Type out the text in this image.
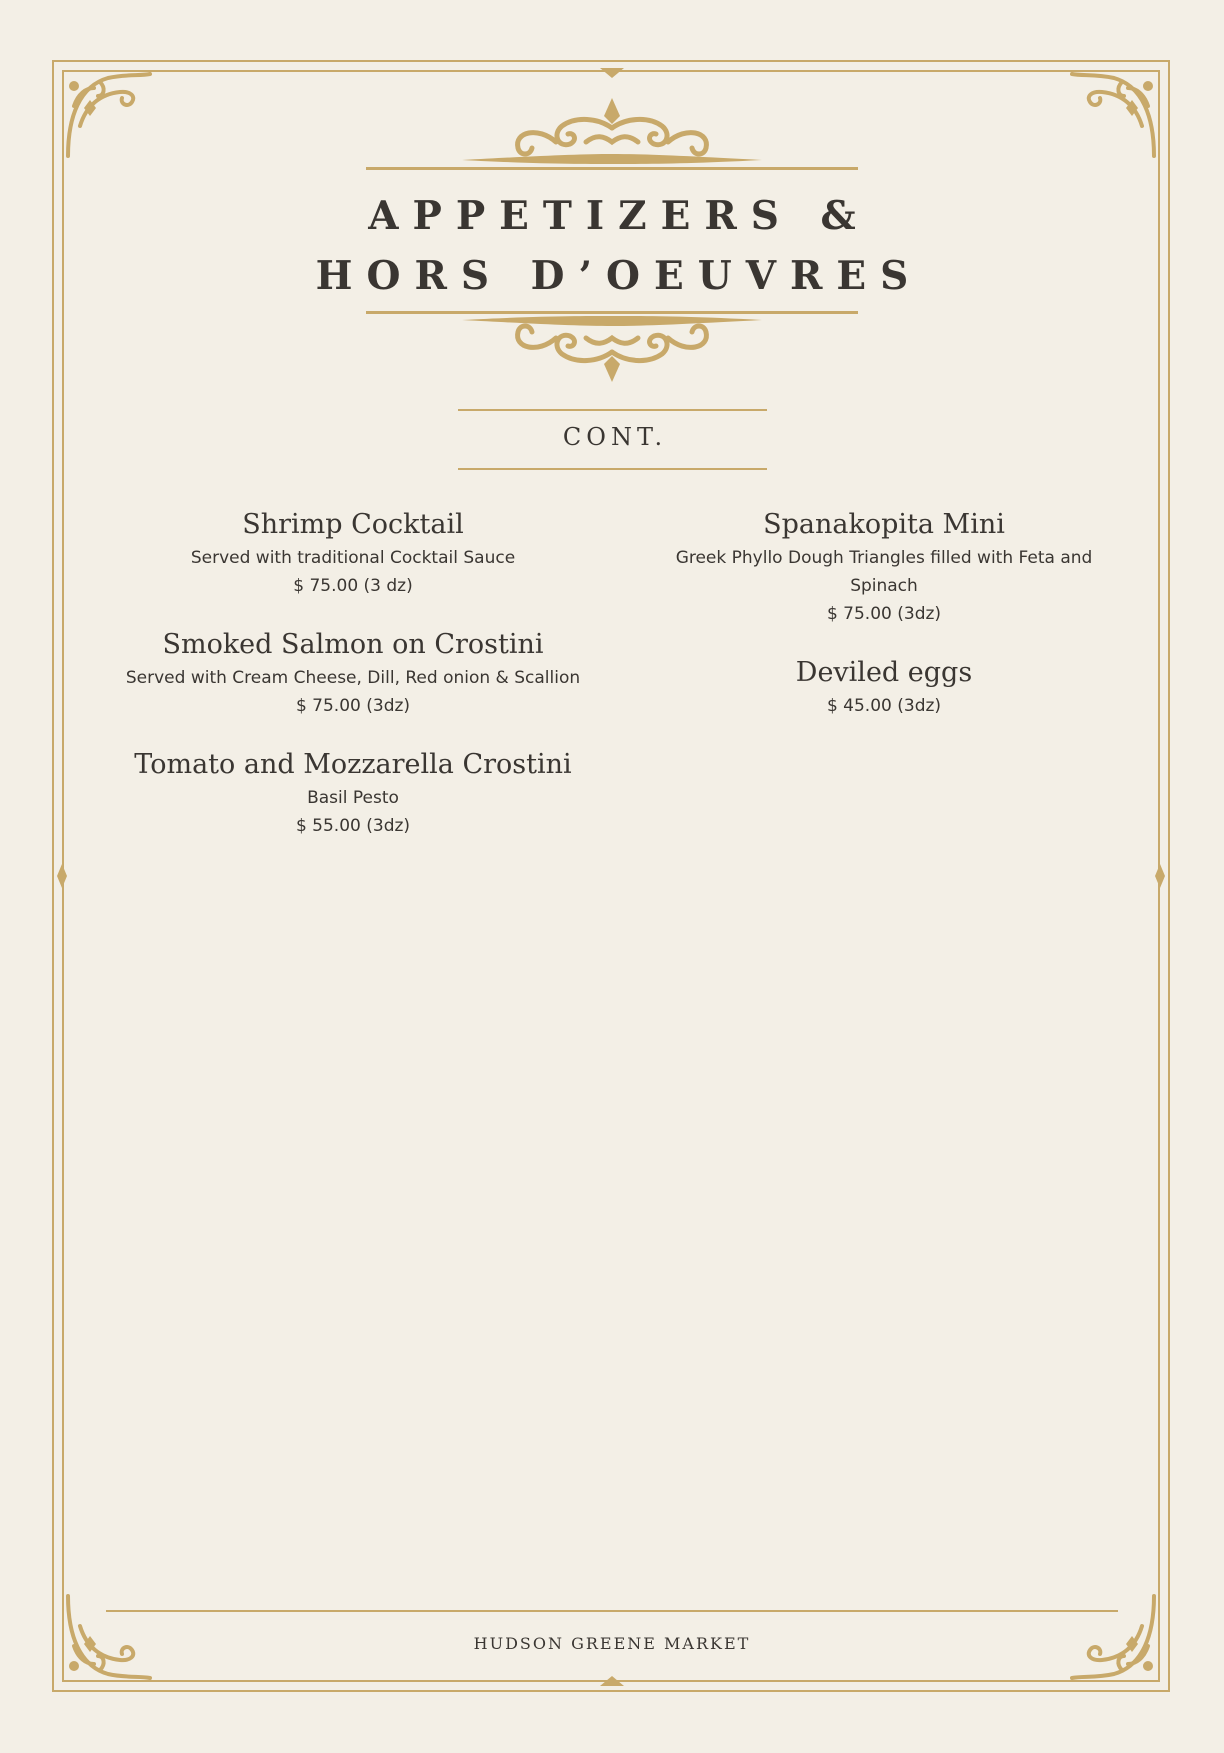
APPETIZERS &
HORS D’OEUVRES
CONT.
Shrimp Cocktail
Served with traditional Cocktail Sauce
$ 75.00 (3 dz)
Smoked Salmon on Crostini
Served with Cream Cheese, Dill, Red onion & Scallion
$ 75.00 (3dz)
Tomato and Mozzarella Crostini
Basil Pesto
$ 55.00 (3dz)
Spanakopita Mini
Greek Phyllo Dough Triangles filled with Feta and Spinach
$ 75.00 (3dz)
Deviled eggs
$ 45.00 (3dz)
HUDSON GREENE MARKET
